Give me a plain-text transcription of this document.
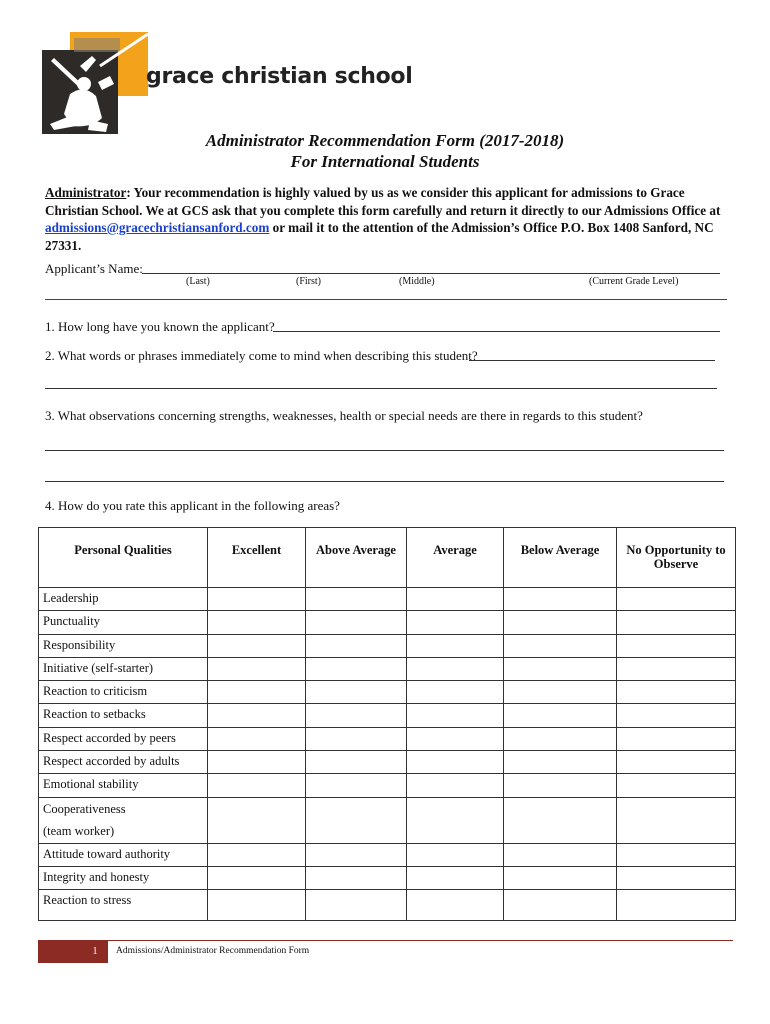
grace christian school
Administrator Recommendation Form (2017-2018)
For International Students
Administrator: Your recommendation is highly valued by us as we consider this applicant for admissions to Grace Christian School. We at GCS ask that you complete this form carefully and return it directly to our Admissions Office at admissions@gracechristiansanford.com or mail it to the attention of the Admission’s Office P.O. Box 1408 Sanford, NC 27331.
Applicant’s Name:
(Last)	(First)	(Middle)	(Current Grade Level)
1. How long have you known the applicant?
2. What words or phrases immediately come to mind when describing this student?
3. What observations concerning strengths, weaknesses, health or special needs are there in regards to this student?
4. How do you rate this applicant in the following areas?
Personal Qualities	Excellent	Above Average	Average	Below Average	No Opportunity to Observe
Leadership					
Punctuality					
Responsibility					
Initiative (self-starter)					
Reaction to criticism					
Reaction to setbacks					
Respect accorded by peers					
Respect accorded by adults					
Emotional stability					
Cooperativeness
(team worker)					
Attitude toward authority					
Integrity and honesty					
Reaction to stress					
1	Admissions/Administrator Recommendation Form
